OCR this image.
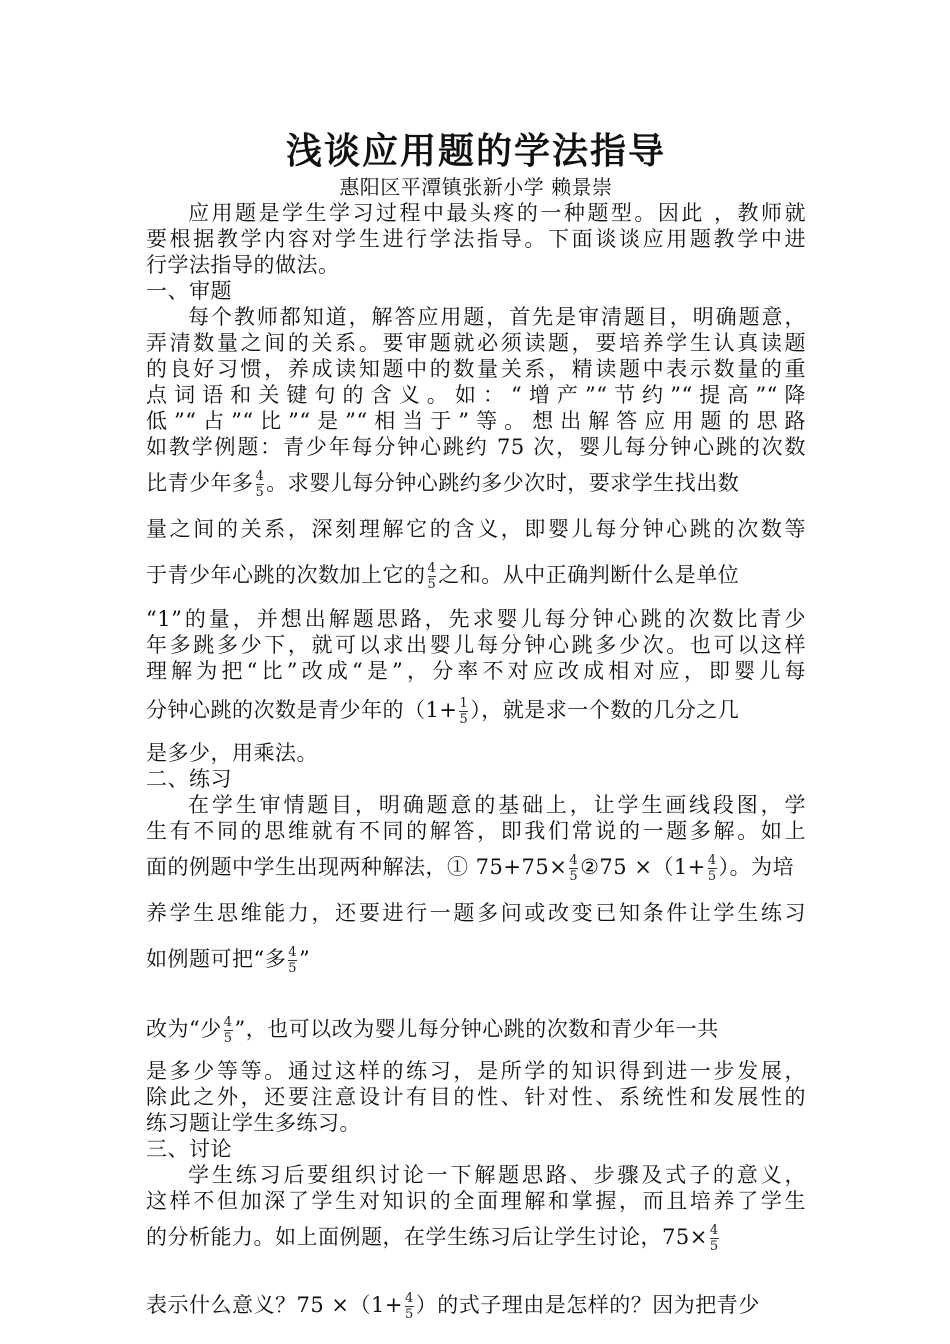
浅谈应用题的学法指导
惠阳区平潭镇张新小学 赖景崇
应用题是学生学习过程中最头疼的一种题型。因此 ，教师就
要根据教学内容对学生进行学法指导。下面谈谈应用题教学中进
行学法指导的做法。
一、审题
每个教师都知道，解答应用题，首先是审清题目，明确题意，
弄清数量之间的关系。要审题就必须读题，要培养学生认真读题
的良好习惯，养成读知题中的数量关系，精读题中表示数量的重
点词语和关键句的含义。如：“增产”“节约”“提高”“降
低”“占”“比”“是”“相当于”等。想出解答应用题的思路
如教学例题：青少年每分钟心跳约 75 次，婴儿每分钟心跳的次数
比青少年多 $\frac{4}{5}$ 。求婴儿每分钟心跳约多少次时，要求学生找出数
量之间的关系，深刻理解它的含义，即婴儿每分钟心跳的次数等
于青少年心跳的次数加上它的 $\frac{4}{5}$ 之和。从中正确判断什么是单位
“1”的量，并想出解题思路，先求婴儿每分钟心跳的次数比青少
年多跳多少下，就可以求出婴儿每分钟心跳多少次。也可以这样
理解为把“比”改成“是”，分率不对应改成相对应，即婴儿每
分钟心跳的次数是青少年的（$1+ \frac{1}{5}$ ），就是求一个数的几分之几
是多少，用乘法。
二、练习
在学生审情题目，明确题意的基础上，让学生画线段图，学
生有不同的思维就有不同的解答，即我们常说的一题多解。如上
面的例题中学生出现两种解法，① $75+75\times \frac{4}{5}$ ②75 $\times(1+ \frac{4}{5}$ ）。为培
养学生思维能力，还要进行一题多问或改变已知条件让学生练习
如例题可把“多 $\frac{4}{5}$ ”
改为“少 $\frac{4}{5}$ ”，也可以改为婴儿每分钟心跳的次数和青少年一共
是多少等等。通过这样的练习，是所学的知识得到进一步发展，
除此之外，还要注意设计有目的性、针对性、系统性和发展性的
练习题让学生多练习。
三、讨论
学生练习后要组织讨论一下解题思路、步骤及式子的意义，
这样不但加深了学生对知识的全面理解和掌握，而且培养了学生
的分析能力。如上面例题，在学生练习后让学生讨论，$75\times \frac{4}{5}$
表示什么意义？$75 \times(1+ \frac{4}{5}$ ）的式子理由是怎样的？因为把青少
